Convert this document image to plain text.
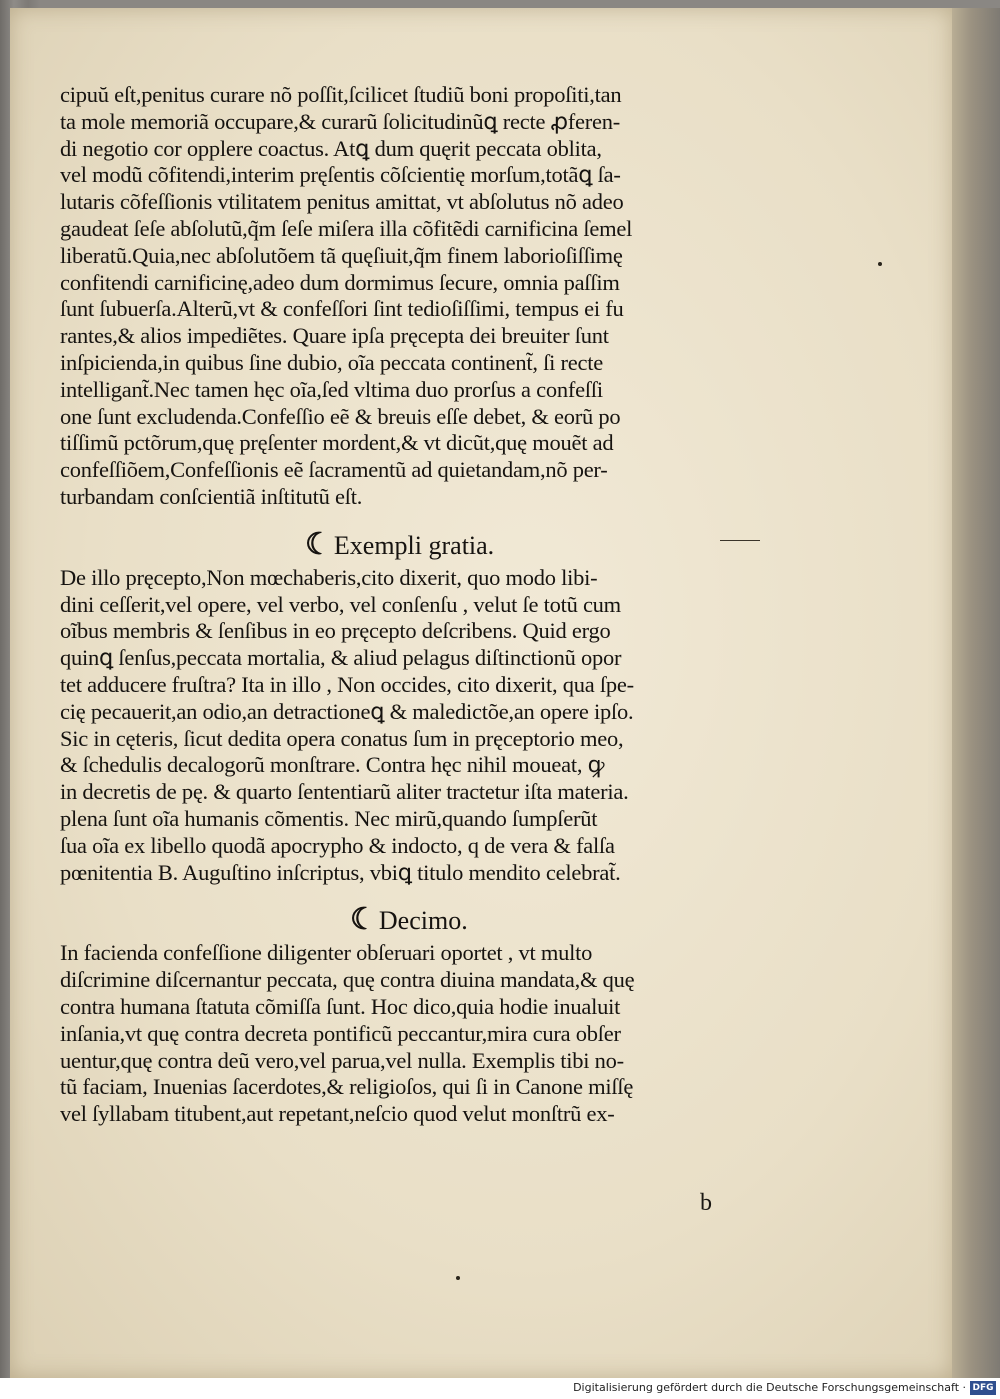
cipuŭ eſt,penitus curare nõ poſſit,ſcilicet ſtudiũ boni propoſiti,tan
ta mole memoriã occupare,& curarũ ſolicitudinũꝗ recte ꝓferen-
di negotio cor opplere coactus. Atꝗ dum quęrit peccata oblita,
vel modũ cõfitendi,interim pręſentis cõſcientię morſum,totãꝗ ſa-
lutaris cõfeſſionis vtilitatem penitus amittat, vt abſolutus nõ adeo
gaudeat ſeſe abſolutũ,q̃m ſeſe miſera illa cõfitẽdi carnificina ſemel
liberatũ.Quia,nec abſolutõem tã quęſiuit,q̃m finem laborioſiſſimę
confitendi carnificinę,adeo dum dormimus ſecure, omnia paſſim
ſunt ſubuerſa.Alterũ,vt & confeſſori ſint tedioſiſſimi, tempus ei fu
rantes,& alios impediẽtes. Quare ipſa pręcepta dei breuiter ſunt
inſpicienda,in quibus ſine dubio, oĩa peccata continent̃, ſi recte
intelligant̃.Nec tamen hęc oĩa,ſed vltima duo prorſus a confeſſi
one ſunt excludenda.Confeſſio eẽ & breuis eſſe debet, & eorũ po
tiſſimũ pctõrum,quę pręſenter mordent,& vt dicũt,quę mouẽt ad
confeſſiõem,Confeſſionis eẽ ſacramentũ ad quietandam,nõ per-
turbandam conſcientiã inſtitutũ eſt.
☾Exempli gratia.
De illo pręcepto,Non mœchaberis,cito dixerit, quo modo libi-
dini ceſſerit,vel opere, vel verbo, vel conſenſu , velut ſe totũ cum
oĩbus membris & ſenſibus in eo pręcepto deſcribens. Quid ergo
quinꝗ ſenſus,peccata mortalia, & aliud pelagus diſtinctionũ opor
tet adducere fruſtra? Ita in illo , Non occides, cito dixerit, qua ſpe-
cię pecauerit,an odio,an detractioneꝗ & maledictõe,an opere ipſo.
Sic in cęteris, ſicut dedita opera conatus ſum in pręceptorio meo,
& ſchedulis decalogorũ monſtrare. Contra hęc nihil moueat, ꝙ
in decretis de pę. & quarto ſententiarũ aliter tractetur iſta materia.
plena ſunt oĩa humanis cõmentis. Nec mirũ,quando ſumpſerũt
ſua oĩa ex libello quodã apocrypho & indocto, q de vera & falſa
pœnitentia B. Auguſtino inſcriptus, vbiꝗ titulo mendito celebrat̃.
☾Decimo.
In facienda confeſſione diligenter obſeruari oportet , vt multo
diſcrimine diſcernantur peccata, quę contra diuina mandata,& quę
contra humana ſtatuta cõmiſſa ſunt. Hoc dico,quia hodie inualuit
inſania,vt quę contra decreta pontificũ peccantur,mira cura obſer
uentur,quę contra deũ vero,vel parua,vel nulla. Exemplis tibi no-
tũ faciam, Inuenias ſacerdotes,& religioſos, qui ſi in Canone miſſę
vel ſyllabam titubent,aut repetant,neſcio quod velut monſtrũ ex-
b
Digitalisierung gefördert durch die Deutsche Forschungsgemeinschaft · DFG
